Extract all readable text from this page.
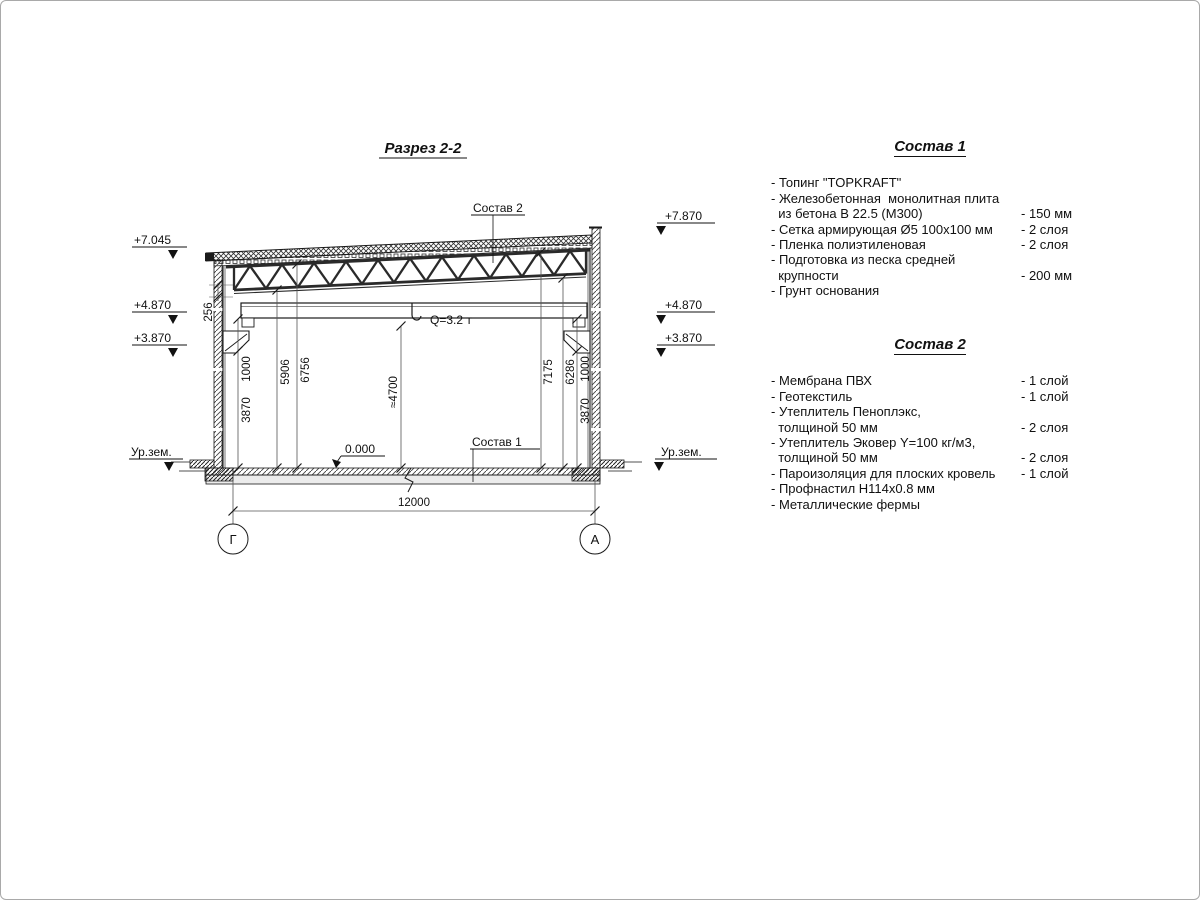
Разрез 2-2
3870
1000 5906 6756
≈4700
7175 6286 1000
3870
256
12000
Г	А
+7.045
+4.870
+3.870
Ур.зем.
+7.870
+4.870
+3.870
Ур.зем.
Состав 2
Состав 1
0.000
Q=3.2 т
Состав 1
- Топинг "TOPKRAFT"
- Железобетонная  монолитная плита
из бетона В 22.5 (М300)	- 150 мм
- Сетка армирующая Ø5 100x100 мм	- 2 слоя
- Пленка полиэтиленовая	- 2 слоя
- Подготовка из песка средней
крупности	- 200 мм
- Грунт основания
Состав 2
- Мембрана ПВХ	- 1 слой
- Геотекстиль	- 1 слой
- Утеплитель Пеноплэкс,
толщиной 50 мм	- 2 слоя
- Утеплитель Эковер Y=100 кг/м3,
толщиной 50 мм	- 2 слоя
- Пароизоляция для плоских кровель	- 1 слой
- Профнастил Н114х0.8 мм
- Металлические фермы
